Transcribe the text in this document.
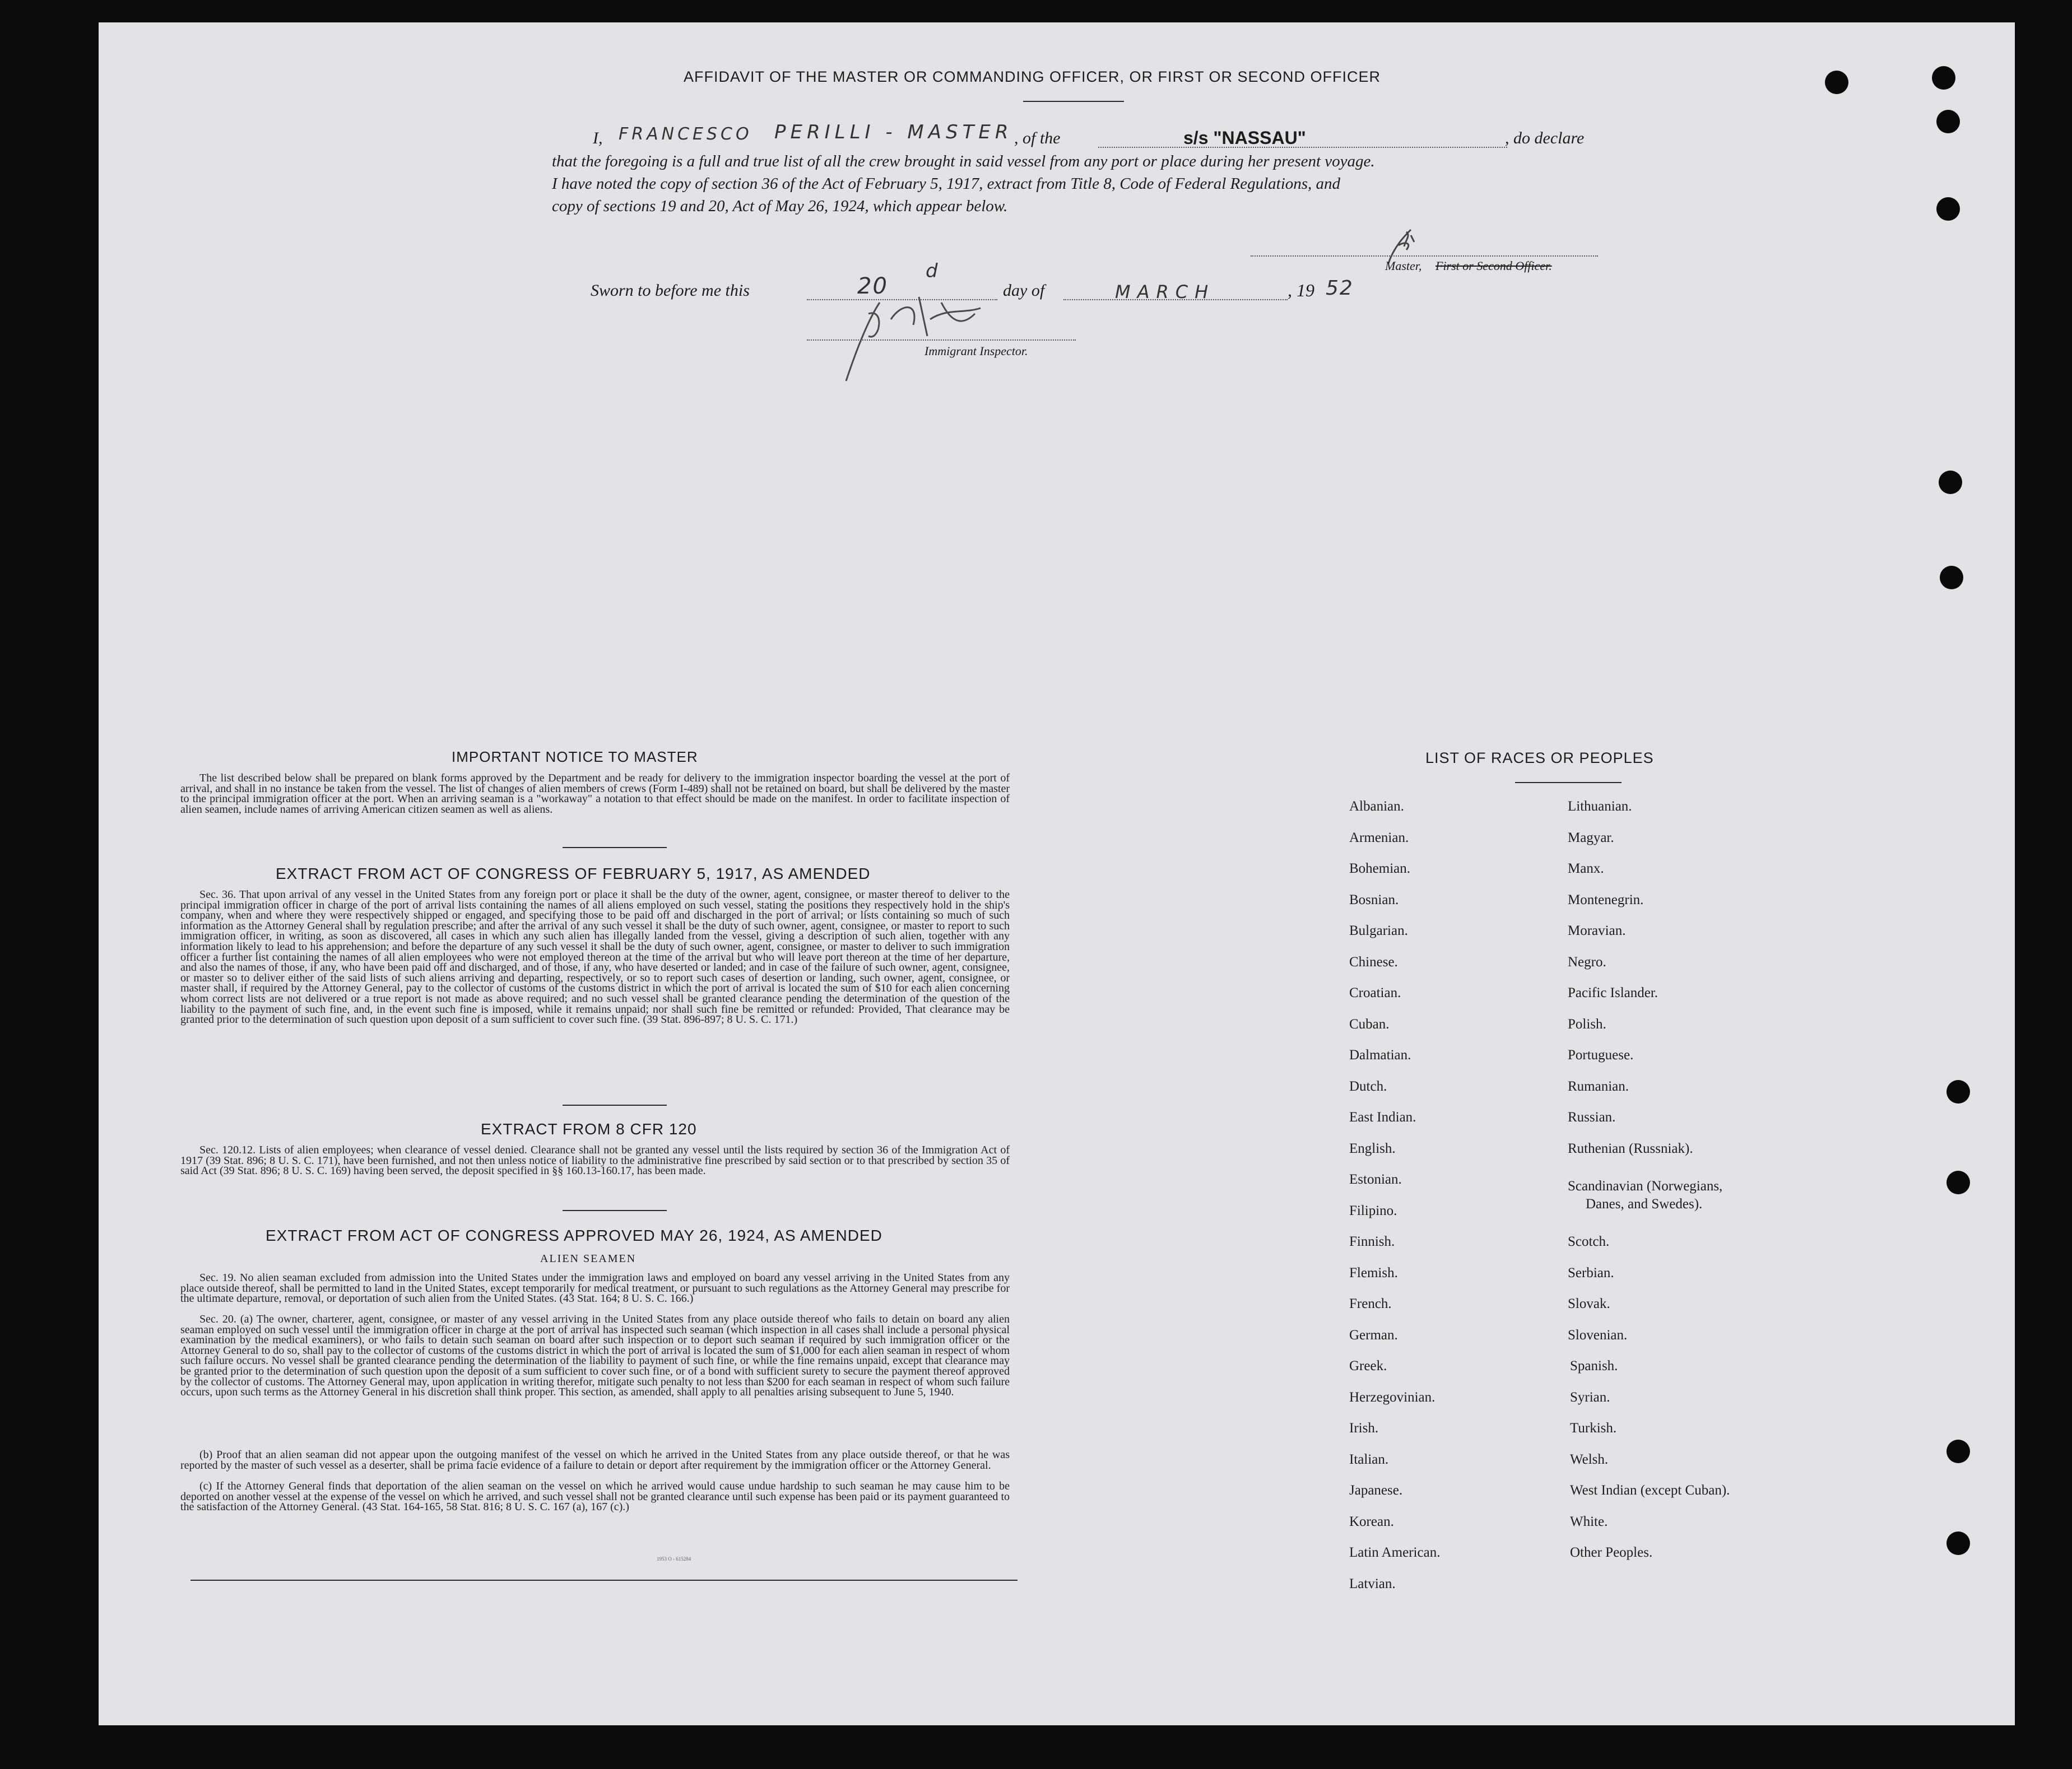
AFFIDAVIT OF THE MASTER OR COMMANDING OFFICER, OR FIRST OR SECOND OFFICER
I, FRANCESCO PERILLI - MASTER , of the	s/s "NASSAU"	, do declare
that the foregoing is a full and true list of all the crew brought in said vessel from any port or place during her present voyage.
I have noted the copy of section 36 of the Act of February 5, 1917, extract from Title 8, Code of Federal Regulations, and
copy of sections 19 and 20, Act of May 26, 1924, which appear below.
Master, First or Second Officer.
Sworn to before me this	20
d
day of	MARCH	, 19 52
Immigrant Inspector.
IMPORTANT NOTICE TO MASTER

The list described below shall be prepared on blank forms approved by the Department and be ready for delivery to the immigration inspector boarding the vessel at the port of arrival, and shall in no instance be taken from the vessel. The list of changes of alien members of crews (Form I-489) shall not be retained on board, but shall be delivered by the master to the principal immigration officer at the port. When an arriving seaman is a "workaway" a notation to that effect should be made on the manifest. In order to facilitate inspection of alien seamen, include names of arriving American citizen seamen as well as aliens.

EXTRACT FROM ACT OF CONGRESS OF FEBRUARY 5, 1917, AS AMENDED

Sec. 36. That upon arrival of any vessel in the United States from any foreign port or place it shall be the duty of the owner, agent, consignee, or master thereof to deliver to the principal immigration officer in charge of the port of arrival lists containing the names of all aliens employed on such vessel, stating the positions they respectively hold in the ship's company, when and where they were respectively shipped or engaged, and specifying those to be paid off and discharged in the port of arrival; or lists containing so much of such information as the Attorney General shall by regulation prescribe; and after the arrival of any such vessel it shall be the duty of such owner, agent, consignee, or master to report to such immigration officer, in writing, as soon as discovered, all cases in which any such alien has illegally landed from the vessel, giving a description of such alien, together with any information likely to lead to his apprehension; and before the departure of any such vessel it shall be the duty of such owner, agent, consignee, or master to deliver to such immigration officer a further list containing the names of all alien employees who were not employed thereon at the time of the arrival but who will leave port thereon at the time of her departure, and also the names of those, if any, who have been paid off and discharged, and of those, if any, who have deserted or landed; and in case of the failure of such owner, agent, consignee, or master so to deliver either of the said lists of such aliens arriving and departing, respectively, or so to report such cases of desertion or landing, such owner, agent, consignee, or master shall, if required by the Attorney General, pay to the collector of customs of the customs district in which the port of arrival is located the sum of $10 for each alien concerning whom correct lists are not delivered or a true report is not made as above required; and no such vessel shall be granted clearance pending the determination of the question of the liability to the payment of such fine, and, in the event such fine is imposed, while it remains unpaid; nor shall such fine be remitted or refunded: Provided, That clearance may be granted prior to the determination of such question upon deposit of a sum sufficient to cover such fine. (39 Stat. 896-897; 8 U. S. C. 171.)

EXTRACT FROM 8 CFR 120

Sec. 120.12. Lists of alien employees; when clearance of vessel denied. Clearance shall not be granted any vessel until the lists required by section 36 of the Immigration Act of 1917 (39 Stat. 896; 8 U. S. C. 171), have been furnished, and not then unless notice of liability to the administrative fine prescribed by said section or to that prescribed by section 35 of said Act (39 Stat. 896; 8 U. S. C. 169) having been served, the deposit specified in §§ 160.13-160.17, has been made.

EXTRACT FROM ACT OF CONGRESS APPROVED MAY 26, 1924, AS AMENDED
ALIEN SEAMEN

Sec. 19. No alien seaman excluded from admission into the United States under the immigration laws and employed on board any vessel arriving in the United States from any place outside thereof, shall be permitted to land in the United States, except temporarily for medical treatment, or pursuant to such regulations as the Attorney General may prescribe for the ultimate departure, removal, or deportation of such alien from the United States. (43 Stat. 164; 8 U. S. C. 166.)

Sec. 20. (a) The owner, charterer, agent, consignee, or master of any vessel arriving in the United States from any place outside thereof who fails to detain on board any alien seaman employed on such vessel until the immigration officer in charge at the port of arrival has inspected such seaman (which inspection in all cases shall include a personal physical examination by the medical examiners), or who fails to detain such seaman on board after such inspection or to deport such seaman if required by such immigration officer or the Attorney General to do so, shall pay to the collector of customs of the customs district in which the port of arrival is located the sum of $1,000 for each alien seaman in respect of whom such failure occurs. No vessel shall be granted clearance pending the determination of the liability to payment of such fine, or while the fine remains unpaid, except that clearance may be granted prior to the determination of such question upon the deposit of a sum sufficient to cover such fine, or of a bond with sufficient surety to secure the payment thereof approved by the collector of customs. The Attorney General may, upon application in writing therefor, mitigate such penalty to not less than $200 for each seaman in respect of whom such failure occurs, upon such terms as the Attorney General in his discretion shall think proper. This section, as amended, shall apply to all penalties arising subsequent to June 5, 1940.

(b) Proof that an alien seaman did not appear upon the outgoing manifest of the vessel on which he arrived in the United States from any place outside thereof, or that he was reported by the master of such vessel as a deserter, shall be prima facie evidence of a failure to detain or deport after requirement by the immigration officer or the Attorney General.

(c) If the Attorney General finds that deportation of the alien seaman on the vessel on which he arrived would cause undue hardship to such seaman he may cause him to be deported on another vessel at the expense of the vessel on which he arrived, and such vessel shall not be granted clearance until such expense has been paid or its payment guaranteed to the satisfaction of the Attorney General. (43 Stat. 164-165, 58 Stat. 816; 8 U. S. C. 167 (a), 167 (c).)

1953 O - 615284
LIST OF RACES OR PEOPLES
Albanian.
Armenian.
Bohemian.
Bosnian.
Bulgarian.
Chinese.
Croatian.
Cuban.
Dalmatian.
Dutch.
East Indian.
English.
Estonian.
Filipino.
Finnish.
Flemish.
French.
German.
Greek.
Herzegovinian.
Irish.
Italian.
Japanese.
Korean.
Latin American.
Latvian.
Lithuanian.
Magyar.
Manx.
Montenegrin.
Moravian.
Negro.
Pacific Islander.
Polish.
Portuguese.
Rumanian.
Russian.
Ruthenian (Russniak).
Scandinavian (Norwegians,
Danes, and Swedes).
Scotch.
Serbian.
Slovak.
Slovenian.
Spanish.
Syrian.
Turkish.
Welsh.
West Indian (except Cuban).
White.
Other Peoples.
